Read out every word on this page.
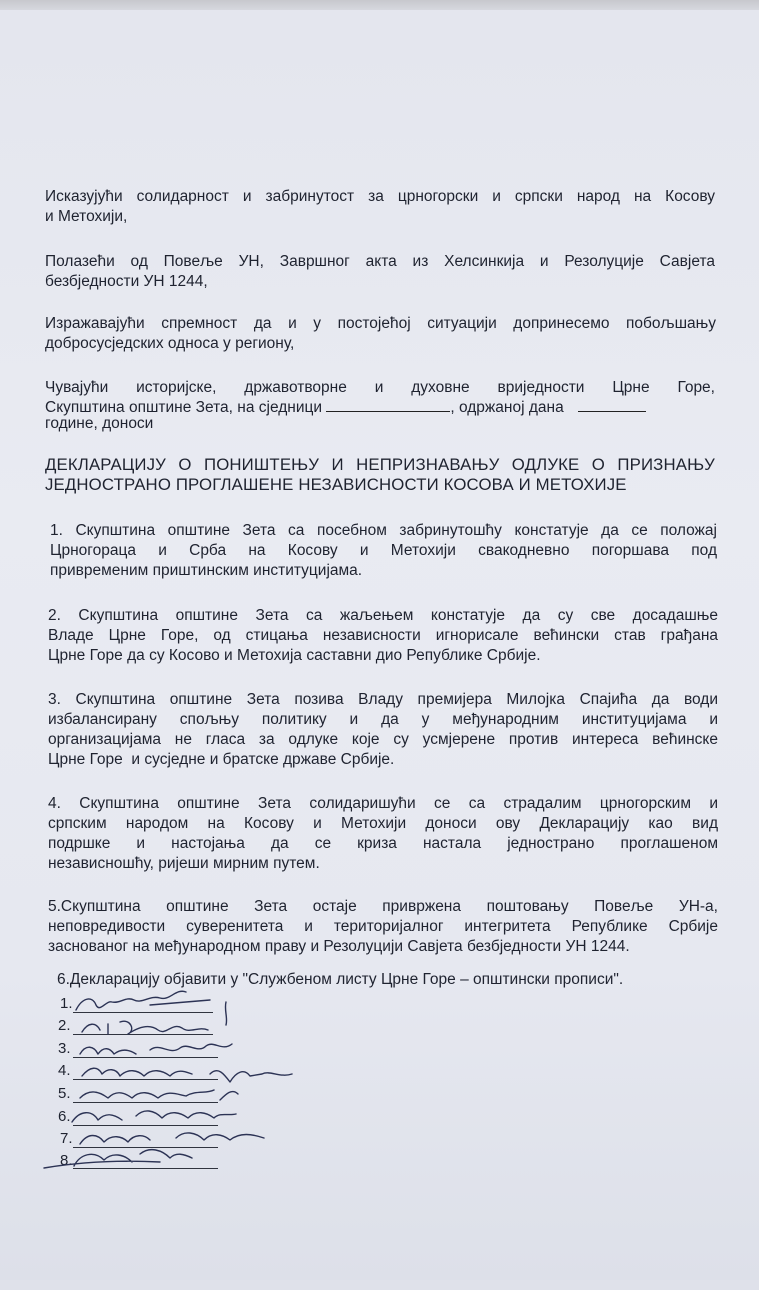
Исказујући солидарност и забринутост за црногорски и српски народ на Косову
и Метохији,
Полазећи од Повеље УН, Завршног акта из Хелсинкија и Резолуције Савјета
безбједности УН 1244,
Изражавајући спремност да и у постојећој ситуацији допринесемо побољшању
добросусједских односа у региону,
Чувајући историјске, државотворне и духовне вриједности Црне Горе,
Скупштина општине Зета, на сједници	, одржаној дана
године, доноси
ДЕКЛАРАЦИЈУ О ПОНИШТЕЊУ И НЕПРИЗНАВАЊУ ОДЛУКЕ О ПРИЗНАЊУ
ЈЕДНОСТРАНО ПРОГЛАШЕНЕ НЕЗАВИСНОСТИ КОСОВА И МЕТОХИЈЕ
1. Скупштина општине Зета са посебном забринутошћу констатује да се положај
Црногораца и Срба на Косову и Метохији свакодневно погоршава под
привременим приштинским институцијама.
2. Скупштина општине Зета са жаљењем констатује да су све досадашње
Владе Црне Горе, од стицања независности игнорисале већински став грађана
Црне Горе да су Косово и Метохија саставни дио Републике Србије.
3. Скупштина општине Зета позива Владу премијера Милојка Спајића да води
избалансирану спољњу политику и да у међународним институцијама и
организацијама не гласа за одлуке које су усмјерене против интереса већинске
Црне Горе  и сусједне и братске државе Србије.
4. Скупштина општине Зета солидаришући се са страдалим црногорским и
српским народом на Косову и Метохији доноси ову Декларацију као вид
подршке и настојања да се криза настала једнострано проглашеном
независношћу, ријеши мирним путем.
5.Скупштина општине Зета остаје привржена поштовању Повеље УН-а,
неповредивости суверенитета и територијалног интегритета Републике Србије
заснованог на међународном праву и Резолуцији Савјета безбједности УН 1244.
6.Декларацију објавити у "Службеном листу Црне Горе – општински прописи".
1.
2.
3.
4.
5.
6.
7.
8.
